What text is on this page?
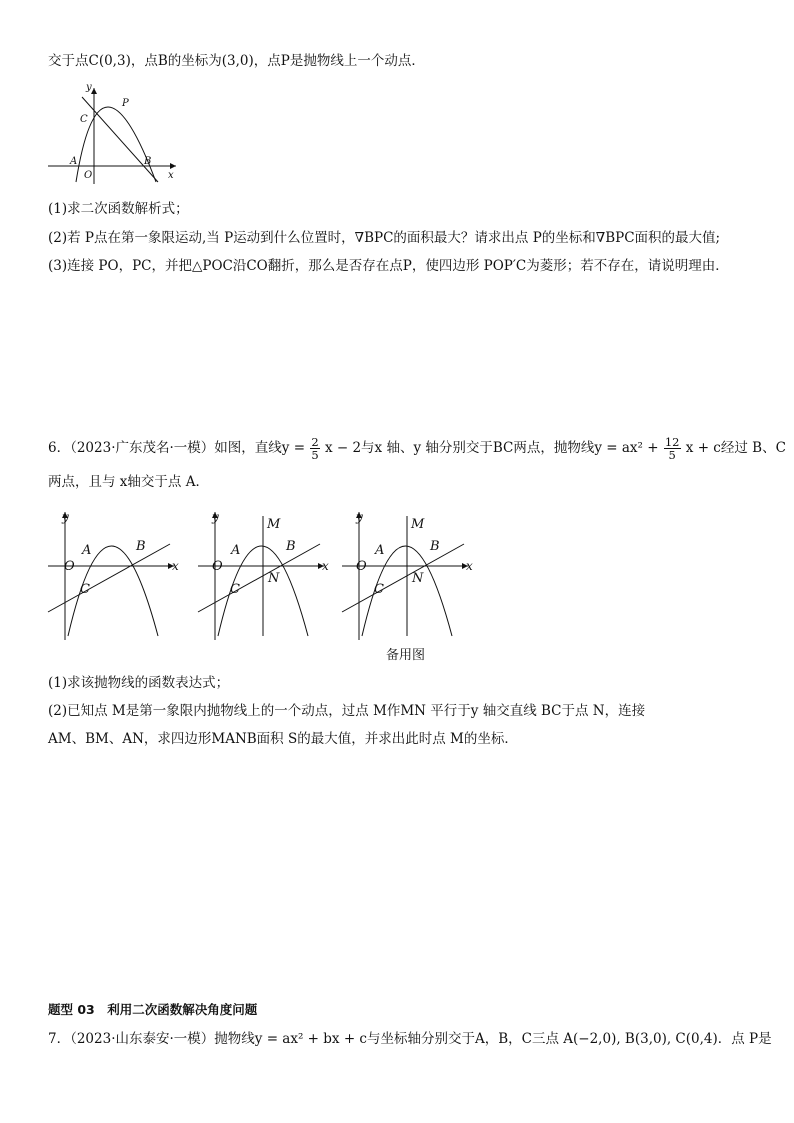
交于点C(0,3)，点B的坐标为(3,0)，点P是抛物线上一个动点．
y
x
P
C
A
O
B
(1)求二次函数解析式；
(2)若 P点在第一象限运动,当 P运动到什么位置时，∇BPC的面积最大？请求出点 P的坐标和∇BPC面积的最大值;
(3)连接 PO，PC，并把△POC沿CO翻折，那么是否存在点P，使四边形 POP′C为菱形；若不存在，请说明理由．
6．（2023·广东茂名·一模）如图，直线$y = \frac{2}{5}$ x − 2与x 轴、y 轴分别交于BC两点，抛物线$y = ax^2 + \frac{12}{5}$ x + c经过 B、C
两点，且与 x轴交于点 A．
y
x
A	B
O
C
y
x
A	B
O
C
M
N
y
x
A	B
O
C
M
N
备用图
(1)求该抛物线的函数表达式；
(2)已知点 M是第一象限内抛物线上的一个动点，过点 M作MN 平行于y 轴交直线 BC于点 N，连接
AM、BM、AN，求四边形MANB面积 S的最大值，并求出此时点 M的坐标．
题型 03　利用二次函数解决角度问题
7．（2023·山东泰安·一模）抛物线y = ax² + bx + c与坐标轴分别交于A，B，C三点 A(−2,0), B(3,0), C(0,4)．点 P是
